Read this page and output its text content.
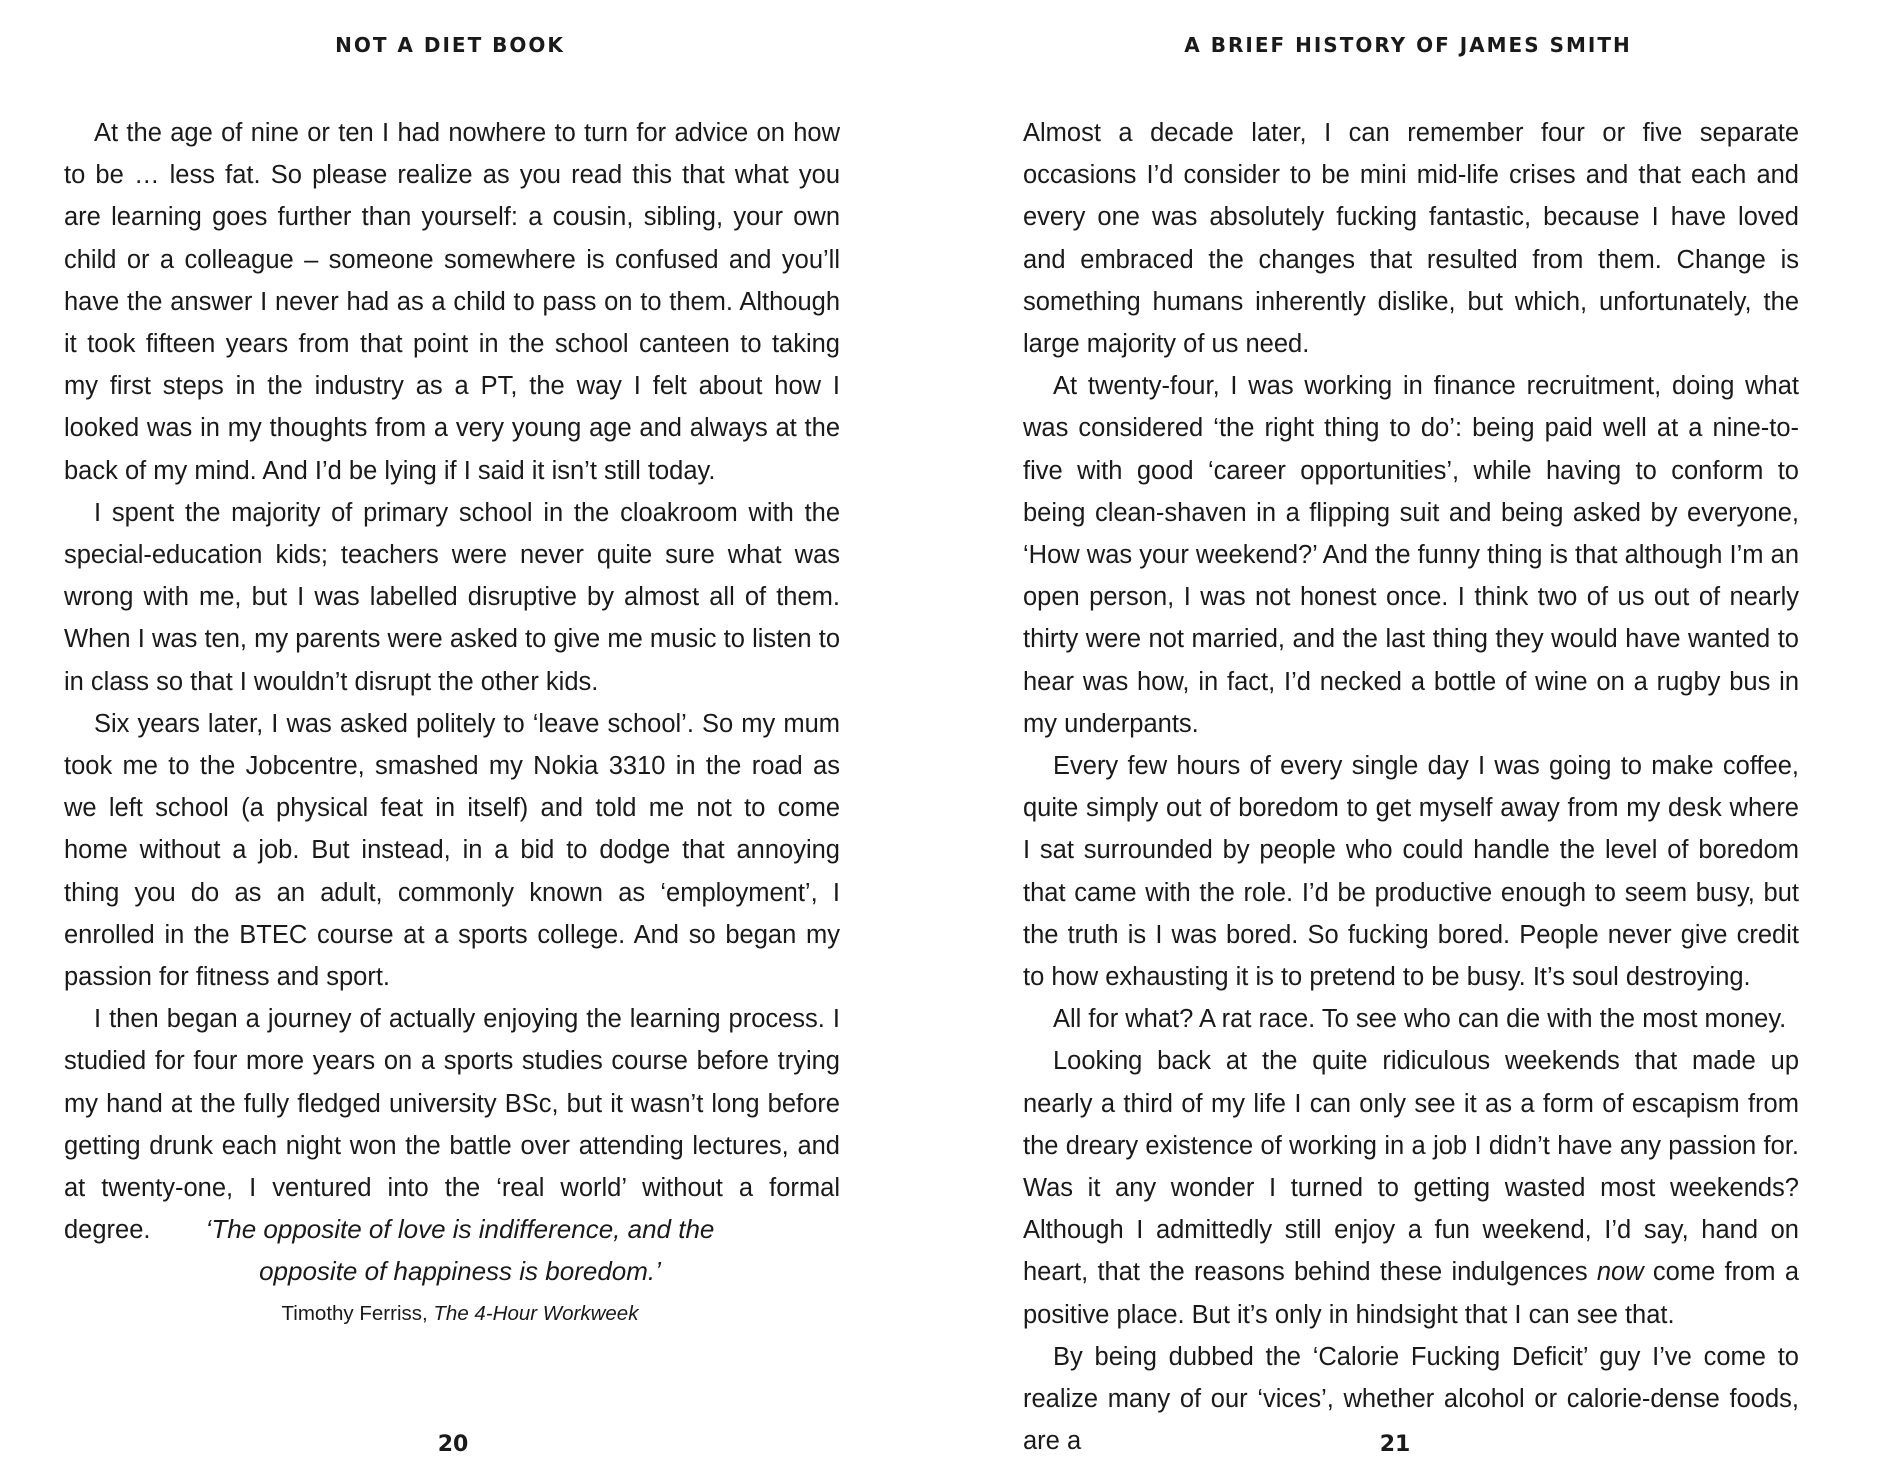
NOT A DIET BOOK

At the age of nine or ten I had nowhere to turn for advice on how to be … less fat. So please realize as you read this that what you are learning goes further than yourself: a cousin, sibling, your own child or a colleague – someone somewhere is confused and you’ll have the answer I never had as a child to pass on to them. Although it took fifteen years from that point in the school canteen to taking my first steps in the industry as a PT, the way I felt about how I looked was in my thoughts from a very young age and always at the back of my mind. And I’d be lying if I said it isn’t still today.

I spent the majority of primary school in the cloakroom with the special-education kids; teachers were never quite sure what was wrong with me, but I was labelled disruptive by almost all of them. When I was ten, my parents were asked to give me music to listen to in class so that I wouldn’t disrupt the other kids.

Six years later, I was asked politely to ‘leave school’. So my mum took me to the Jobcentre, smashed my Nokia 3310 in the road as we left school (a physical feat in itself) and told me not to come home without a job. But instead, in a bid to dodge that annoying thing you do as an adult, commonly known as ‘employment’, I enrolled in the BTEC course at a sports college. And so began my passion for fitness and sport.

I then began a journey of actually enjoying the learning process. I studied for four more years on a sports studies course before trying my hand at the fully fledged university BSc, but it wasn’t long before getting drunk each night won the battle over attending lectures, and at twenty-one, I ventured into the ‘real world’ without a formal degree.	‘The opposite of love is indifference, and the opposite of happiness is boredom.’
Timothy Ferriss, The 4-Hour Workweek
20
A BRIEF HISTORY OF JAMES SMITH

Almost a decade later, I can remember four or five separate occasions I’d consider to be mini mid-life crises and that each and every one was absolutely fucking fantastic, because I have loved and embraced the changes that resulted from them. Change is something humans inherently dislike, but which, unfortunately, the large majority of us need.

At twenty-four, I was working in finance recruitment, doing what was considered ‘the right thing to do’: being paid well at a nine-to-five with good ‘career opportunities’, while having to conform to being clean-shaven in a flipping suit and being asked by everyone, ‘How was your weekend?’ And the funny thing is that although I’m an open person, I was not honest once. I think two of us out of nearly thirty were not married, and the last thing they would have wanted to hear was how, in fact, I’d necked a bottle of wine on a rugby bus in my underpants.

Every few hours of every single day I was going to make coffee, quite simply out of boredom to get myself away from my desk where I sat surrounded by people who could handle the level of boredom that came with the role. I’d be productive enough to seem busy, but the truth is I was bored. So fucking bored. People never give credit to how exhausting it is to pretend to be busy. It’s soul destroying.

All for what? A rat race. To see who can die with the most money.

Looking back at the quite ridiculous weekends that made up nearly a third of my life I can only see it as a form of escapism from the dreary existence of working in a job I didn’t have any passion for. Was it any wonder I turned to getting wasted most weekends? Although I admittedly still enjoy a fun weekend, I’d say, hand on heart, that the reasons behind these indulgences now come from a positive place. But it’s only in hindsight that I can see that.

By being dubbed the ‘Calorie Fucking Deficit’ guy I’ve come to realize many of our ‘vices’, whether alcohol or calorie-dense foods, are a	21
